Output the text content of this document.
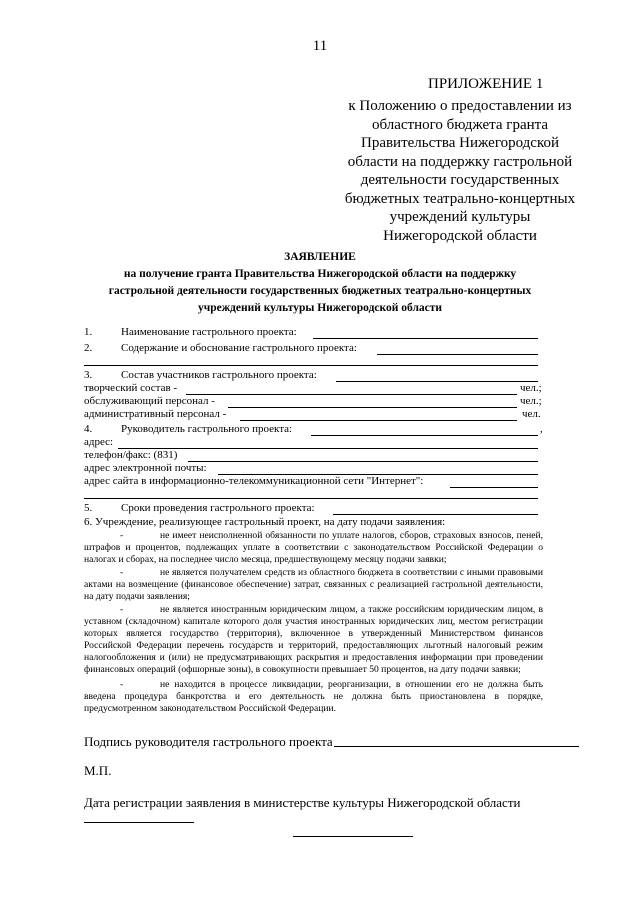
11
ПРИЛОЖЕНИЕ 1
к Положению о предоставлении из
областного бюджета гранта
Правительства Нижегородской
области на поддержку гастрольной
деятельности государственных
бюджетных театрально-концертных
учреждений культуры
Нижегородской области
ЗАЯВЛЕНИЕ
на получение гранта Правительства Нижегородской области на поддержку
гастрольной деятельности государственных бюджетных театрально-концертных
учреждений культуры Нижегородской области
1.	Наименование гастрольного проекта:
2.	Содержание и обоснование гастрольного проекта:
3.	Состав участников гастрольного проекта:
творческий состав -	чел.;
обслуживающий персонал -	чел.;
административный персонал -	чел.
4.	Руководитель гастрольного проекта:	,
адрес:
телефон/факс: (831)
адрес электронной почты:
адрес сайта в информационно-телекоммуникационной сети "Интернет":
5.	Сроки проведения гастрольного проекта:
6. Учреждение, реализующее гастрольный проект, на дату подачи заявления:
-	не имеет неисполненной обязанности по уплате налогов, сборов, страховых взносов, пеней, штрафов и процентов, подлежащих уплате в соответствии с законодательством Российской Федерации о налогах и сборах, на последнее число месяца, предшествующему месяцу подачи заявки;
-	не является получателем средств из областного бюджета в соответствии с иными правовыми актами на возмещение (финансовое обеспечение) затрат, связанных с реализацией гастрольной деятельности, на дату подачи заявления;
-	не является иностранным юридическим лицом, а также российским юридическим лицом, в уставном (складочном) капитале которого доля участия иностранных юридических лиц, местом регистрации которых является государство (территория), включенное в утвержденный Министерством финансов Российской Федерации перечень государств и территорий, предоставляющих льготный налоговый режим налогообложения и (или) не предусматривающих раскрытия и предоставления информации при проведении финансовых операций (офшорные зоны), в совокупности превышает 50 процентов, на дату подачи заявки;
-	не находится в процессе ликвидации, реорганизации, в отношении его не должна быть введена процедура банкротства и его деятельность не должна быть приостановлена в порядке, предусмотренном законодательством Российской Федерации.
Подпись руководителя гастрольного проекта
М.П.
Дата регистрации заявления в министерстве культуры Нижегородской области
